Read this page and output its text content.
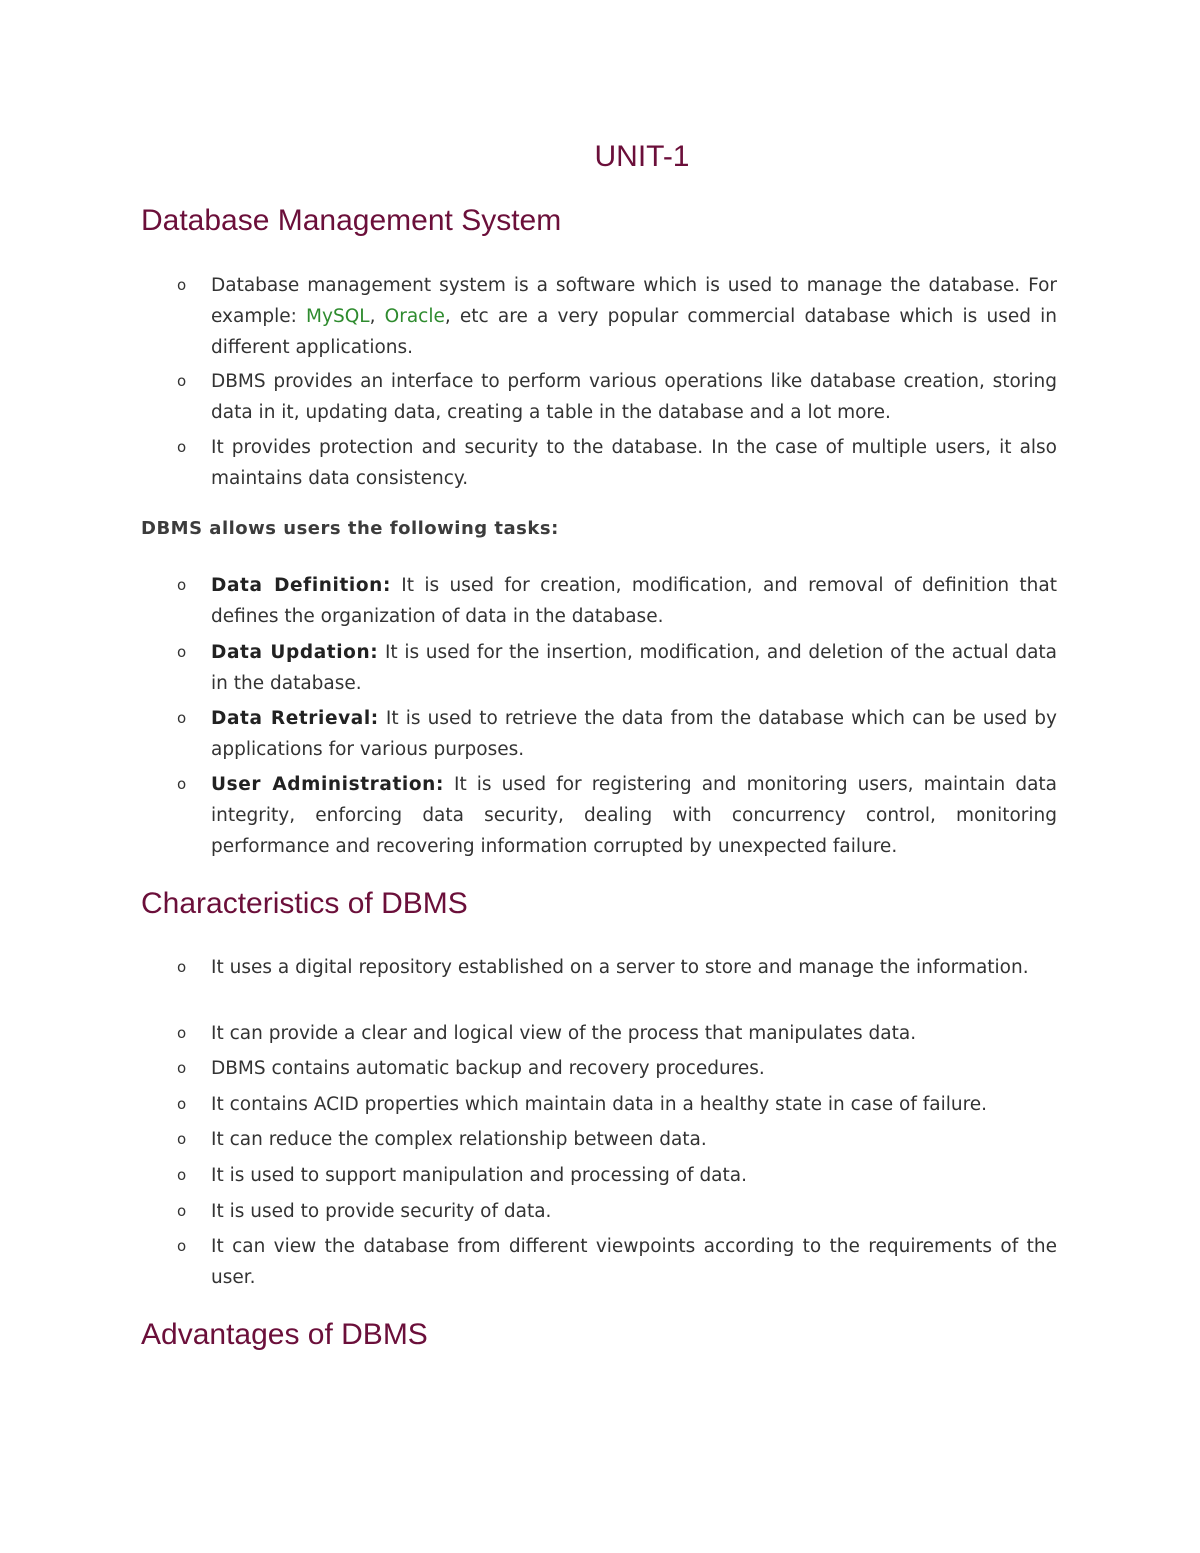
UNIT-1
Database Management System
o Database management system is a software which is used to manage the database. For example: MySQL, Oracle, etc are a very popular commercial database which is used in different applications.

o DBMS provides an interface to perform various operations like database creation, storing data in it, updating data, creating a table in the database and a lot more.

o It provides protection and security to the database. In the case of multiple users, it also maintains data consistency.

DBMS allows users the following tasks:

o Data Definition: It is used for creation, modification, and removal of definition that defines the organization of data in the database.

o Data Updation: It is used for the insertion, modification, and deletion of the actual data in the database.

o Data Retrieval: It is used to retrieve the data from the database which can be used by applications for various purposes.

o User Administration: It is used for registering and monitoring users, maintain data integrity, enforcing data security, dealing with concurrency control, monitoring performance and recovering information corrupted by unexpected failure.

Characteristics of DBMS
o It uses a digital repository established on a server to store and manage the information.

o It can provide a clear and logical view of the process that manipulates data.

o DBMS contains automatic backup and recovery procedures.

o It contains ACID properties which maintain data in a healthy state in case of failure.

o It can reduce the complex relationship between data.

o It is used to support manipulation and processing of data.

o It is used to provide security of data.

o It can view the database from different viewpoints according to the requirements of the user.

Advantages of DBMS
